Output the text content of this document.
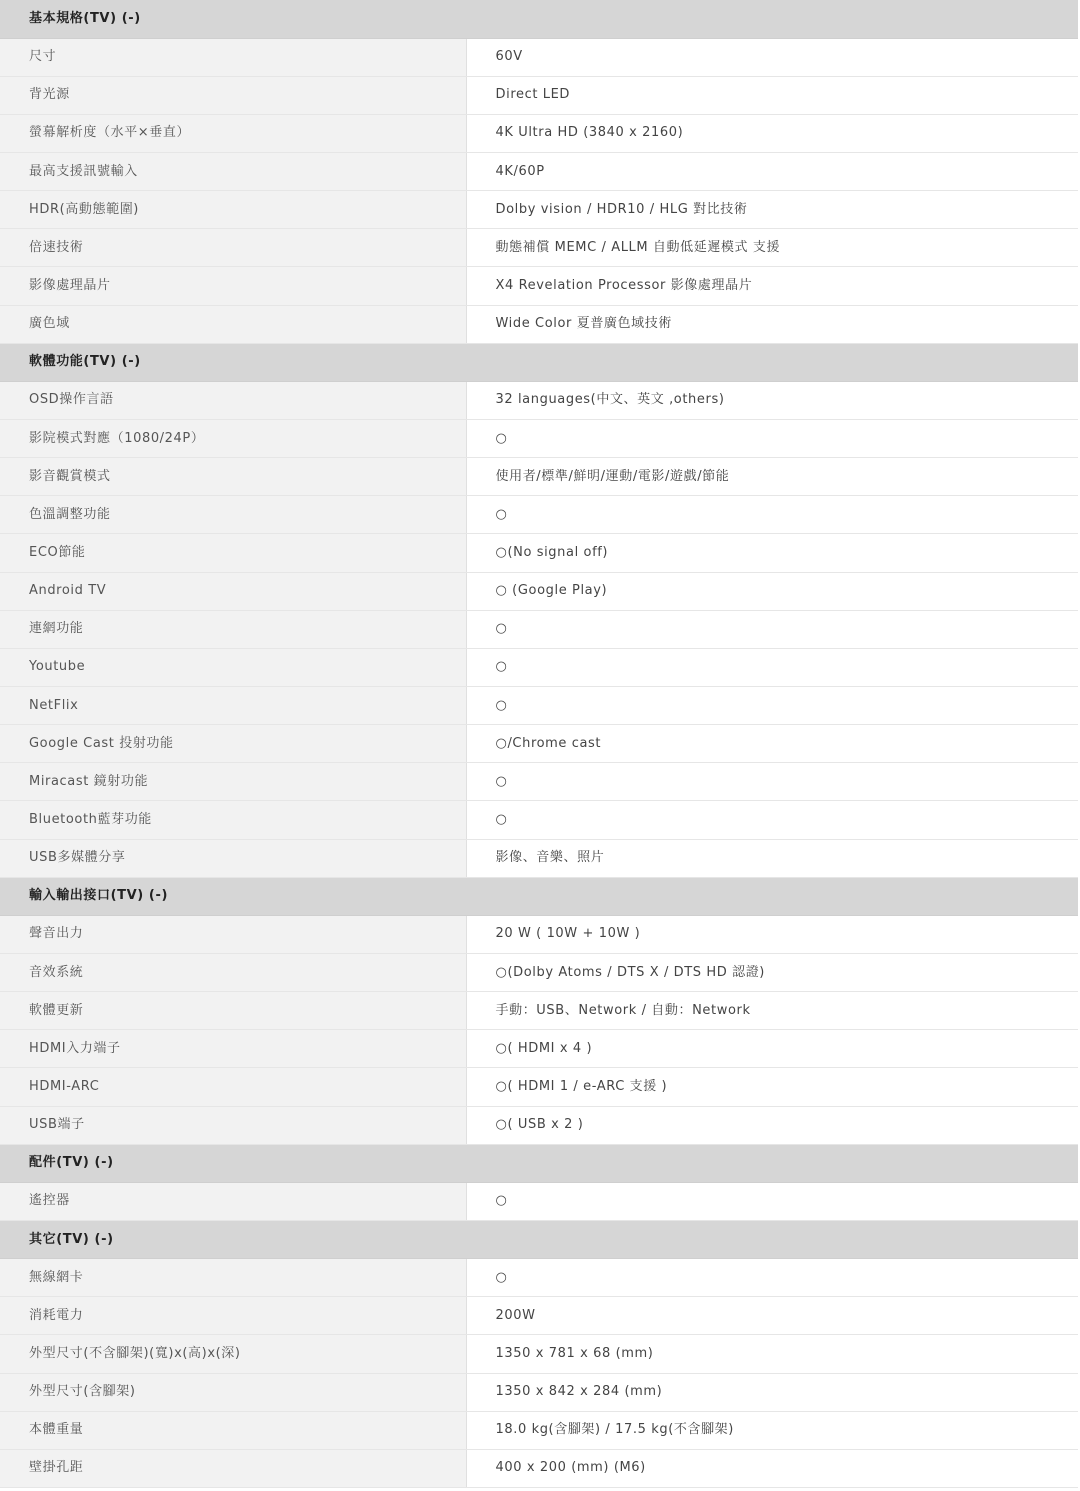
基本規格(TV) (-)	
尺寸	60V
背光源	Direct LED
螢幕解析度（水平×垂直）	4K Ultra HD (3840 x 2160)
最高支援訊號輸入	4K/60P
HDR(高動態範圍)	Dolby vision / HDR10 / HLG 對比技術
倍速技術	動態補償 MEMC / ALLM 自動低延遲模式 支援
影像處理晶片	X4 Revelation Processor 影像處理晶片
廣色域	Wide Color 夏普廣色域技術
軟體功能(TV) (-)	
OSD操作言語	32 languages(中文、英文 ,others)
影院模式對應（1080/24P）	○
影音觀賞模式	使用者/標準/鮮明/運動/電影/遊戲/節能
色溫調整功能	○
ECO節能	○(No signal off)
Android TV	○ (Google Play)
連網功能	○
Youtube	○
NetFlix	○
Google Cast 投射功能	○/Chrome cast
Miracast 鏡射功能	○
Bluetooth藍芽功能	○
USB多媒體分享	影像、音樂、照片
輸入輸出接口(TV) (-)	
聲音出力	20 W ( 10W + 10W )
音效系統	○(Dolby Atoms / DTS X / DTS HD 認證)
軟體更新	手動：USB、Network / 自動：Network
HDMI入力端子	○( HDMI x 4 )
HDMI-ARC	○( HDMI 1 / e-ARC 支援 )
USB端子	○( USB x 2 )
配件(TV) (-)	
遙控器	○
其它(TV) (-)	
無線網卡	○
消耗電力	200W
外型尺寸(不含腳架)(寬)x(高)x(深)	1350 x 781 x 68 (mm)
外型尺寸(含腳架)	1350 x 842 x 284 (mm)
本體重量	18.0 kg(含腳架) / 17.5 kg(不含腳架)
壁掛孔距	400 x 200 (mm) (M6)
